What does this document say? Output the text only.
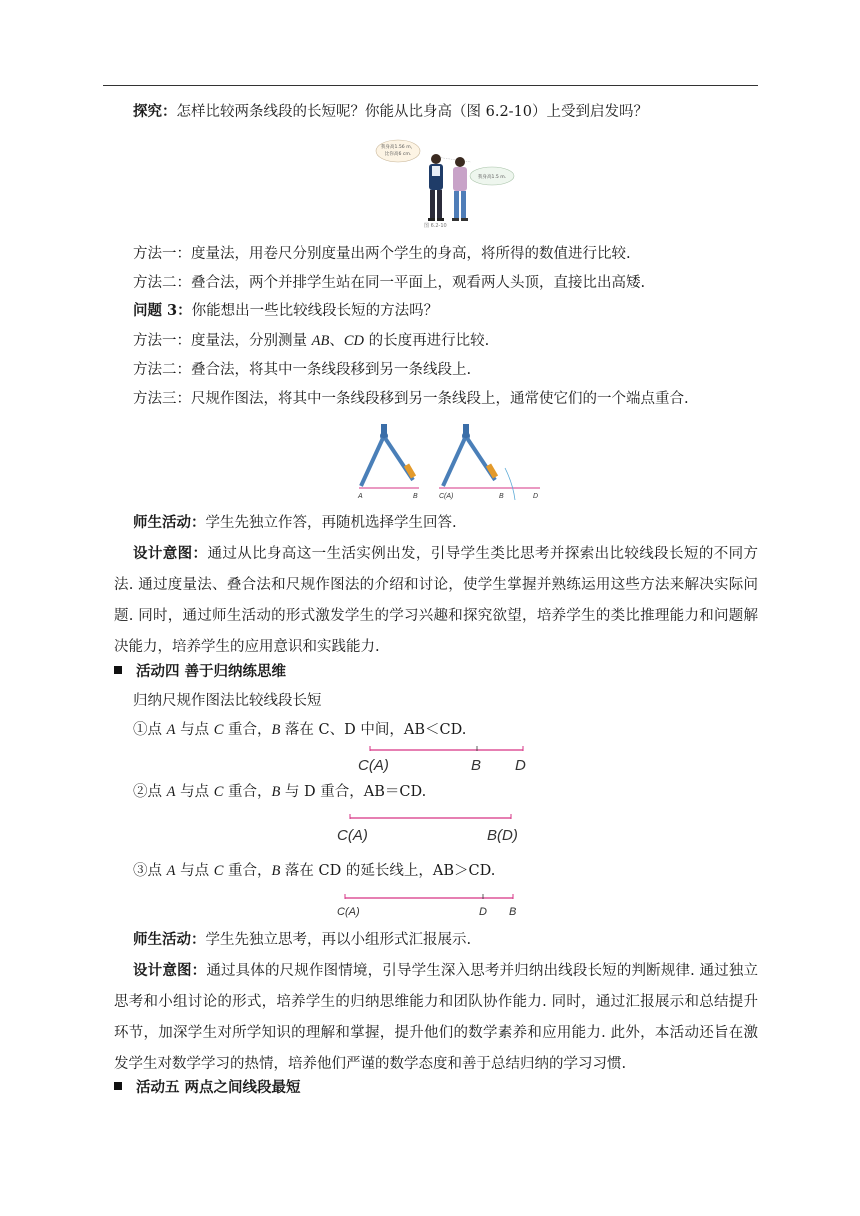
探究：怎样比较两条线段的长短呢？你能从比身高（图 6.2-10）上受到启发吗？
我身高1.56 m，
比你高6 cm.
我身高1.5 m.
图 6.2-10
方法一：度量法，用卷尺分别度量出两个学生的身高，将所得的数值进行比较.
方法二：叠合法，两个并排学生站在同一平面上，观看两人头顶，直接比出高矮.
问题 3：你能想出一些比较线段长短的方法吗？
方法一：度量法，分别测量 AB、CD 的长度再进行比较.
方法二：叠合法，将其中一条线段移到另一条线段上.
方法三：尺规作图法，将其中一条线段移到另一条线段上，通常使它们的一个端点重合.
A	B	C(A)	B	D
师生活动：学生先独立作答，再随机选择学生回答.
设计意图：通过从比身高这一生活实例出发，引导学生类比思考并探索出比较线段长短的不同方法. 通过度量法、叠合法和尺规作图法的介绍和讨论，使学生掌握并熟练运用这些方法来解决实际问题. 同时，通过师生活动的形式激发学生的学习兴趣和探究欲望，培养学生的类比推理能力和问题解决能力，培养学生的应用意识和实践能力.
活动四 善于归纳练思维
归纳尺规作图法比较线段长短
①点 A 与点 C 重合，B 落在 C、D 中间，AB＜CD.
C(A)	B D
②点 A 与点 C 重合，B 与 D 重合，AB＝CD.
C(A)	B(D)
③点 A 与点 C 重合，B 落在 CD 的延长线上，AB＞CD.
C(A)	D B
师生活动：学生先独立思考，再以小组形式汇报展示.
设计意图：通过具体的尺规作图情境，引导学生深入思考并归纳出线段长短的判断规律. 通过独立思考和小组讨论的形式，培养学生的归纳思维能力和团队协作能力. 同时，通过汇报展示和总结提升环节，加深学生对所学知识的理解和掌握，提升他们的数学素养和应用能力. 此外，本活动还旨在激发学生对数学学习的热情，培养他们严谨的数学态度和善于总结归纳的学习习惯.
活动五 两点之间线段最短
